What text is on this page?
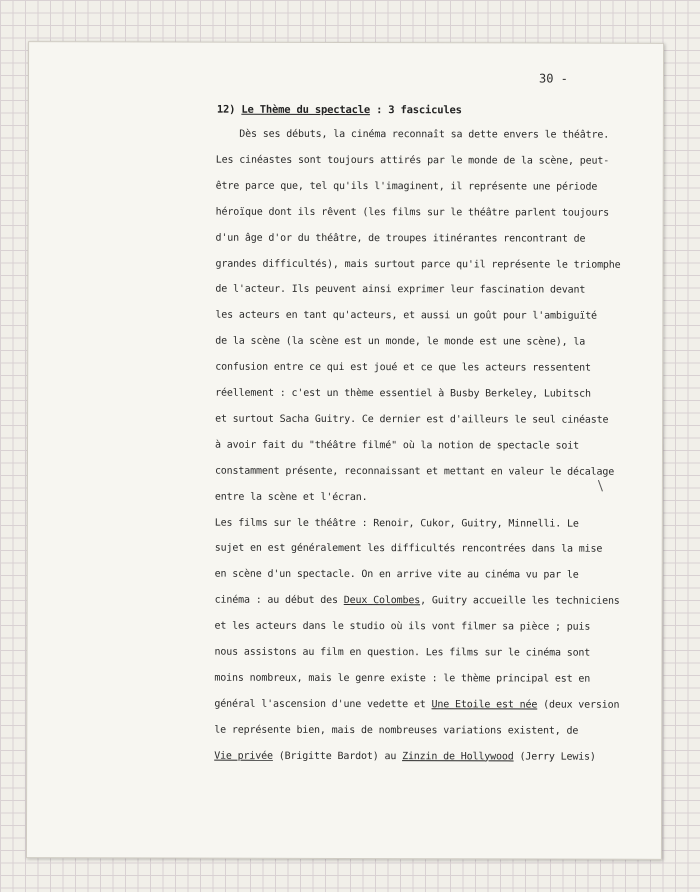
30 -
12) Le Thème du spectacle : 3 fascicules
Dès ses débuts, la cinéma reconnaît sa dette envers le théâtre.
Les cinéastes sont toujours attirés par le monde de la scène, peut-
être parce que, tel qu'ils l'imaginent, il représente une période
héroïque dont ils rêvent (les films sur le théâtre parlent toujours
d'un âge d'or du théâtre, de troupes itinérantes rencontrant de
grandes difficultés), mais surtout parce qu'il représente le triomphe
de l'acteur. Ils peuvent ainsi exprimer leur fascination devant
les acteurs en tant qu'acteurs, et aussi un goût pour l'ambiguïté
de la scène (la scène est un monde, le monde est une scène), la
confusion entre ce qui est joué et ce que les acteurs ressentent
réellement : c'est un thème essentiel à Busby Berkeley, Lubitsch
et surtout Sacha Guitry. Ce dernier est d'ailleurs le seul cinéaste
à avoir fait du "théâtre filmé" où la notion de spectacle soit
constamment présente, reconnaissant et mettant en valeur le décalage
entre la scène et l'écran.
Les films sur le théâtre : Renoir, Cukor, Guitry, Minnelli. Le
sujet en est généralement les difficultés rencontrées dans la mise
en scène d'un spectacle. On en arrive vite au cinéma vu par le
cinéma : au début des Deux Colombes, Guitry accueille les techniciens
et les acteurs dans le studio où ils vont filmer sa pièce ; puis
nous assistons au film en question. Les films sur le cinéma sont
moins nombreux, mais le genre existe : le thème principal est en
général l'ascension d'une vedette et Une Etoile est née (deux version
le représente bien, mais de nombreuses variations existent, de
Vie privée (Brigitte Bardot) au Zinzin de Hollywood (Jerry Lewis)
